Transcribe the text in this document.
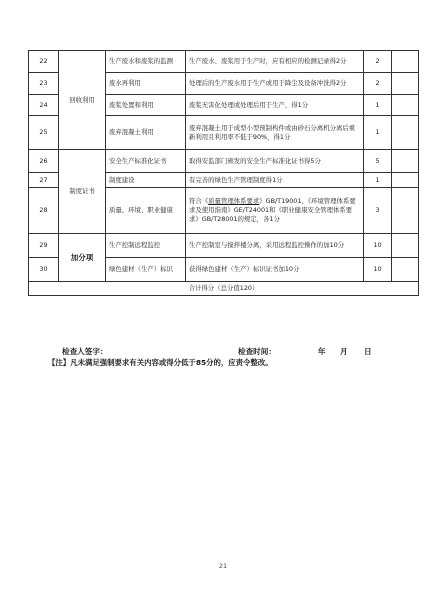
22	回收利用	生产废水和废浆的监测	生产废水、废浆用于生产时，应有相应的检测记录得2分	2	
23		废水再利用	处理后的生产废水用于生产或用于降尘及设备冲洗得2分	2	
24		废浆处置和利用	废浆无害化处理或处理后用于生产，得1分	1	
25		废弃混凝土利用	废弃混凝土用于成型小型预制构件或由砂石分离机分离后重新利用且利用率不低于90%，得1分	1	
26	制度证书	安全生产标准化证书	取得安监部门颁发的安全生产标准化证书得5分	5	
27		制度建设	有完善的绿色生产管理制度得1分	1	
28		质量、环境、职业健康	符合《质量管理体系要求》GB/T19001、《环境管理体系要求及使用指南》GE/T24001和《职业健康安全管理体系要求》GB/T28001的规定，各1分	3	
29	加分项	生产控制远程监控	生产控制室与搅拌楼分离，采用远程监控操作的加10分	10	
30		绿色建材（生产）标识	获得绿色建材（生产）标识证书加10分	10	
合计得分（总分值120）					
检查人签字：	检查时间：	年 月 日
【注】凡未满足强制要求有关内容或得分低于85分的，应责令整改。
21
